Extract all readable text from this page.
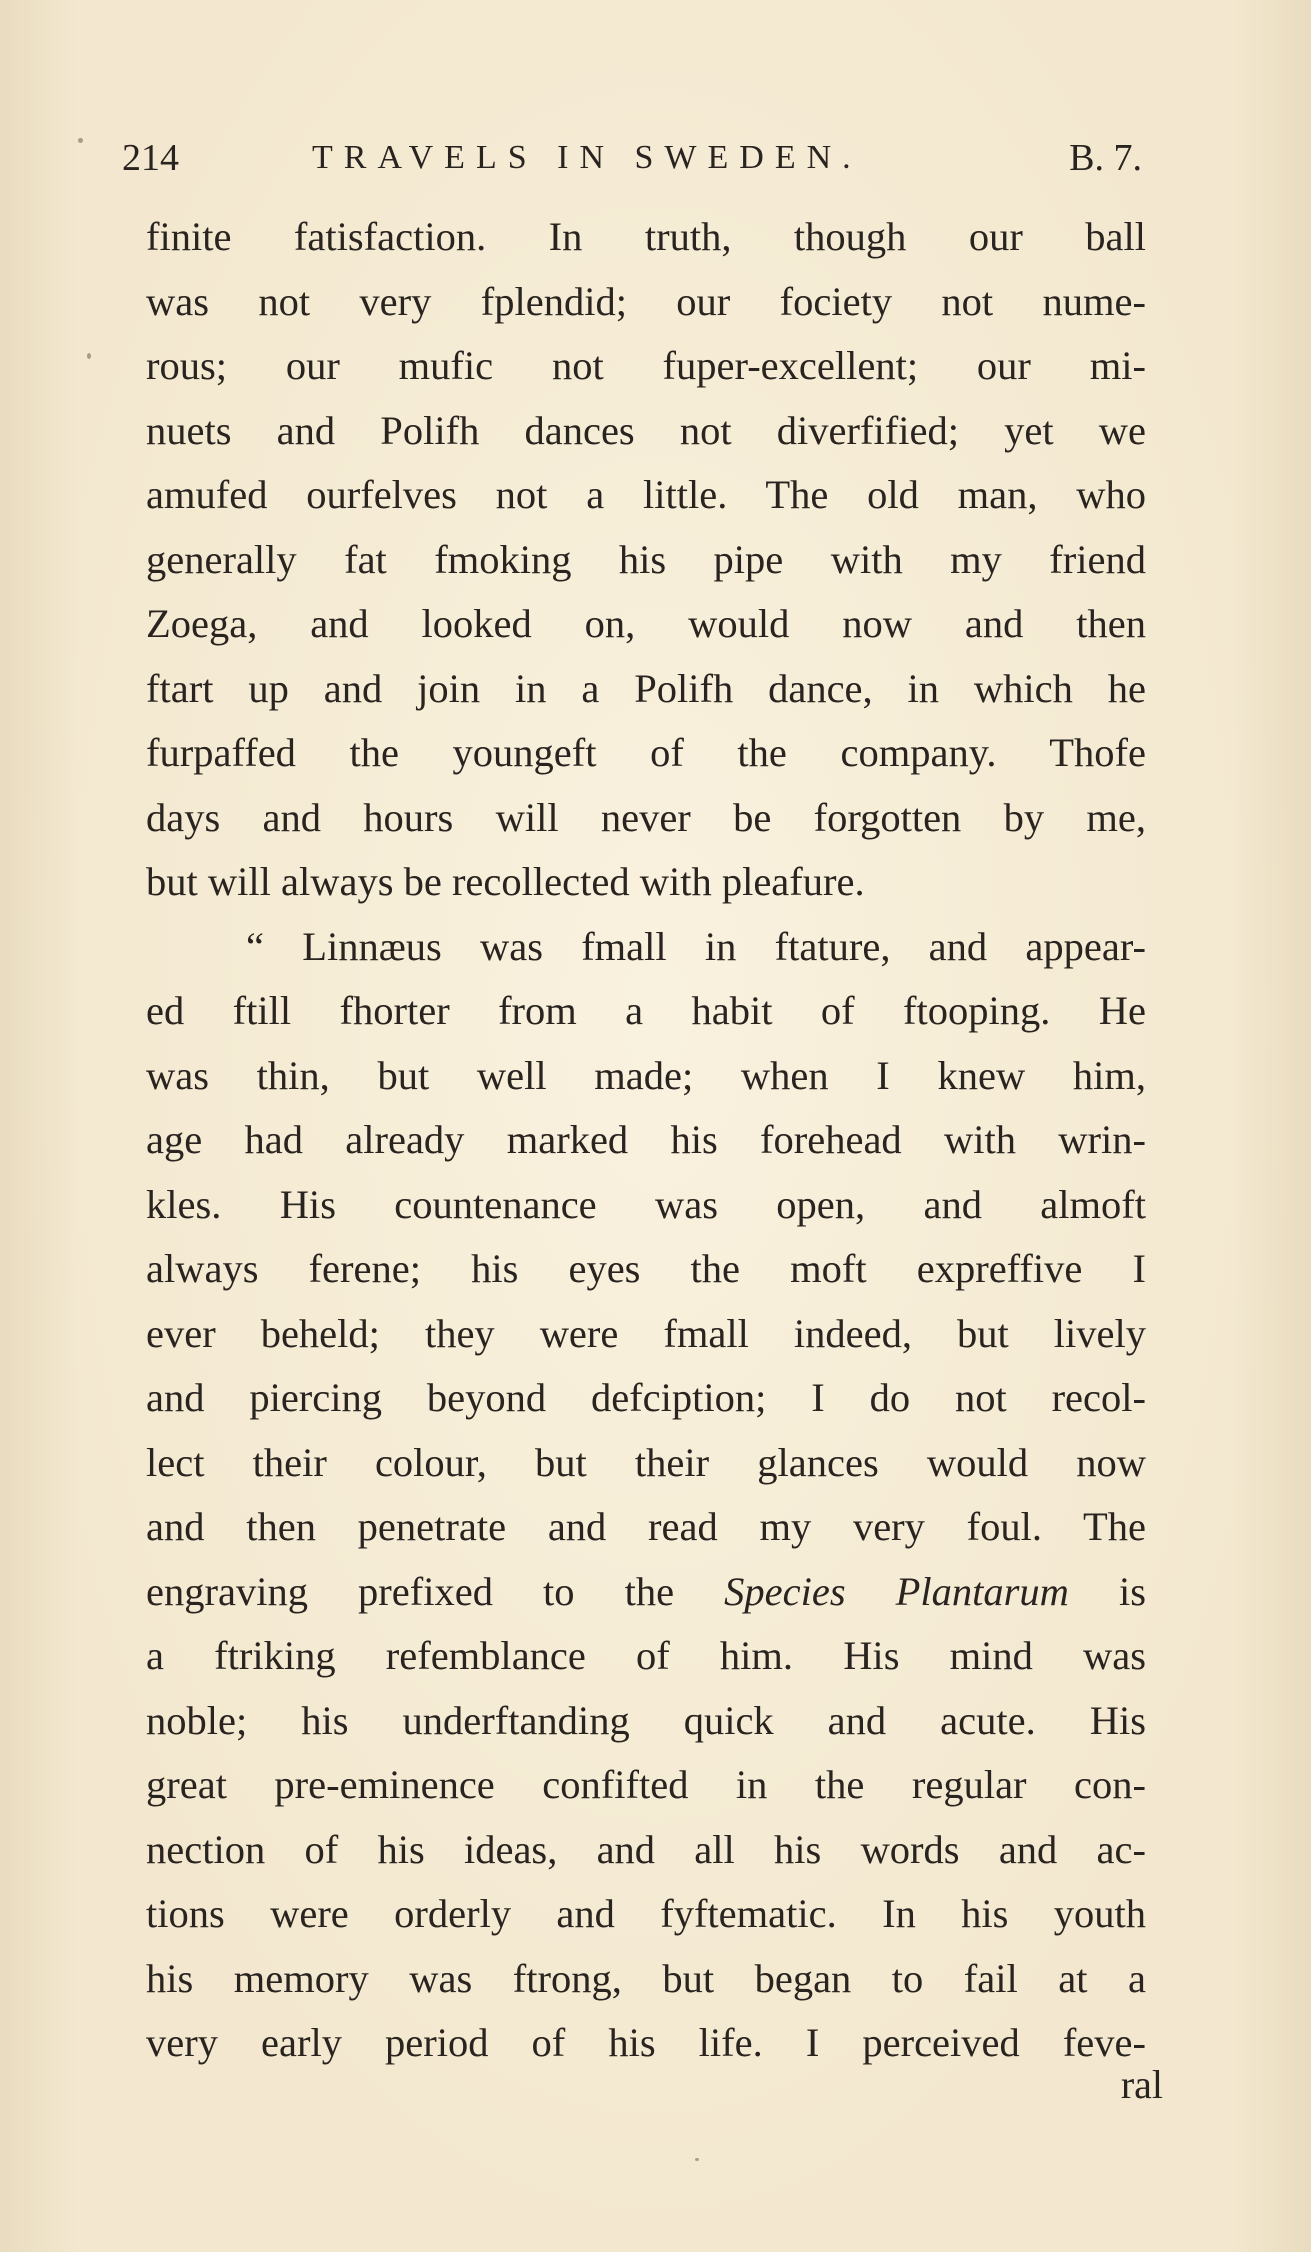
214	TRAVELS IN SWEDEN.	B. 7.
finite fatisfaction. In truth, though our ball
was not very fplendid; our fociety not nume-
rous; our mufic not fuper-excellent; our mi-
nuets and Polifh dances not diverfified; yet we
amufed ourfelves not a little. The old man, who
generally fat fmoking his pipe with my friend
Zoega, and looked on, would now and then
ftart up and join in a Polifh dance, in which he
furpaffed the youngeft of the company. Thofe
days and hours will never be forgotten by me,
but will always be recollected with pleafure.
“ Linnæus was fmall in ftature, and appear-
ed ftill fhorter from a habit of ftooping. He
was thin, but well made; when I knew him,
age had already marked his forehead with wrin-
kles. His countenance was open, and almoft
always ferene; his eyes the moft expreffive I
ever beheld; they were fmall indeed, but lively
and piercing beyond defciption; I do not recol-
lect their colour, but their glances would now
and then penetrate and read my very foul. The
engraving prefixed to the Species Plantarum is
a ftriking refemblance of him. His mind was
noble; his underftanding quick and acute. His
great pre-eminence confifted in the regular con-
nection of his ideas, and all his words and ac-
tions were orderly and fyftematic. In his youth
his memory was ftrong, but began to fail at a
very early period of his life. I perceived feve-
ral
